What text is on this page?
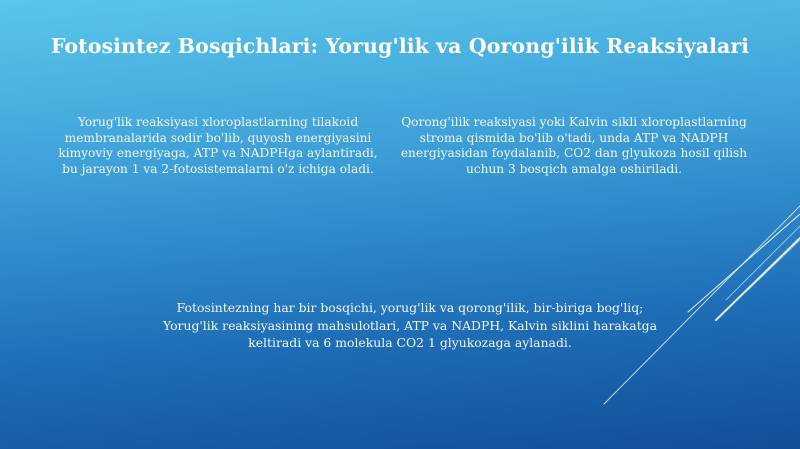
Fotosintez Bosqichlari: Yorug'lik va Qorong'ilik Reaksiyalari
Yorug'lik reaksiyasi xloroplastlarning tilakoid membranalarida sodir bo'lib, quyosh energiyasini kimyoviy energiyaga, ATP va NADPHga aylantiradi, bu jarayon 1 va 2-fotosistemalarni o'z ichiga oladi.
Qorong'ilik reaksiyasi yoki Kalvin sikli xloroplastlarning stroma qismida bo'lib o'tadi, unda ATP va NADPH energiyasidan foydalanib, CO2 dan glyukoza hosil qilish uchun 3 bosqich amalga oshiriladi.
Fotosintezning har bir bosqichi, yorug'lik va qorong'ilik, bir-biriga bog'liq; Yorug'lik reaksiyasining mahsulotlari, ATP va NADPH, Kalvin siklini harakatga keltiradi va 6 molekula CO2 1 glyukozaga aylanadi.
